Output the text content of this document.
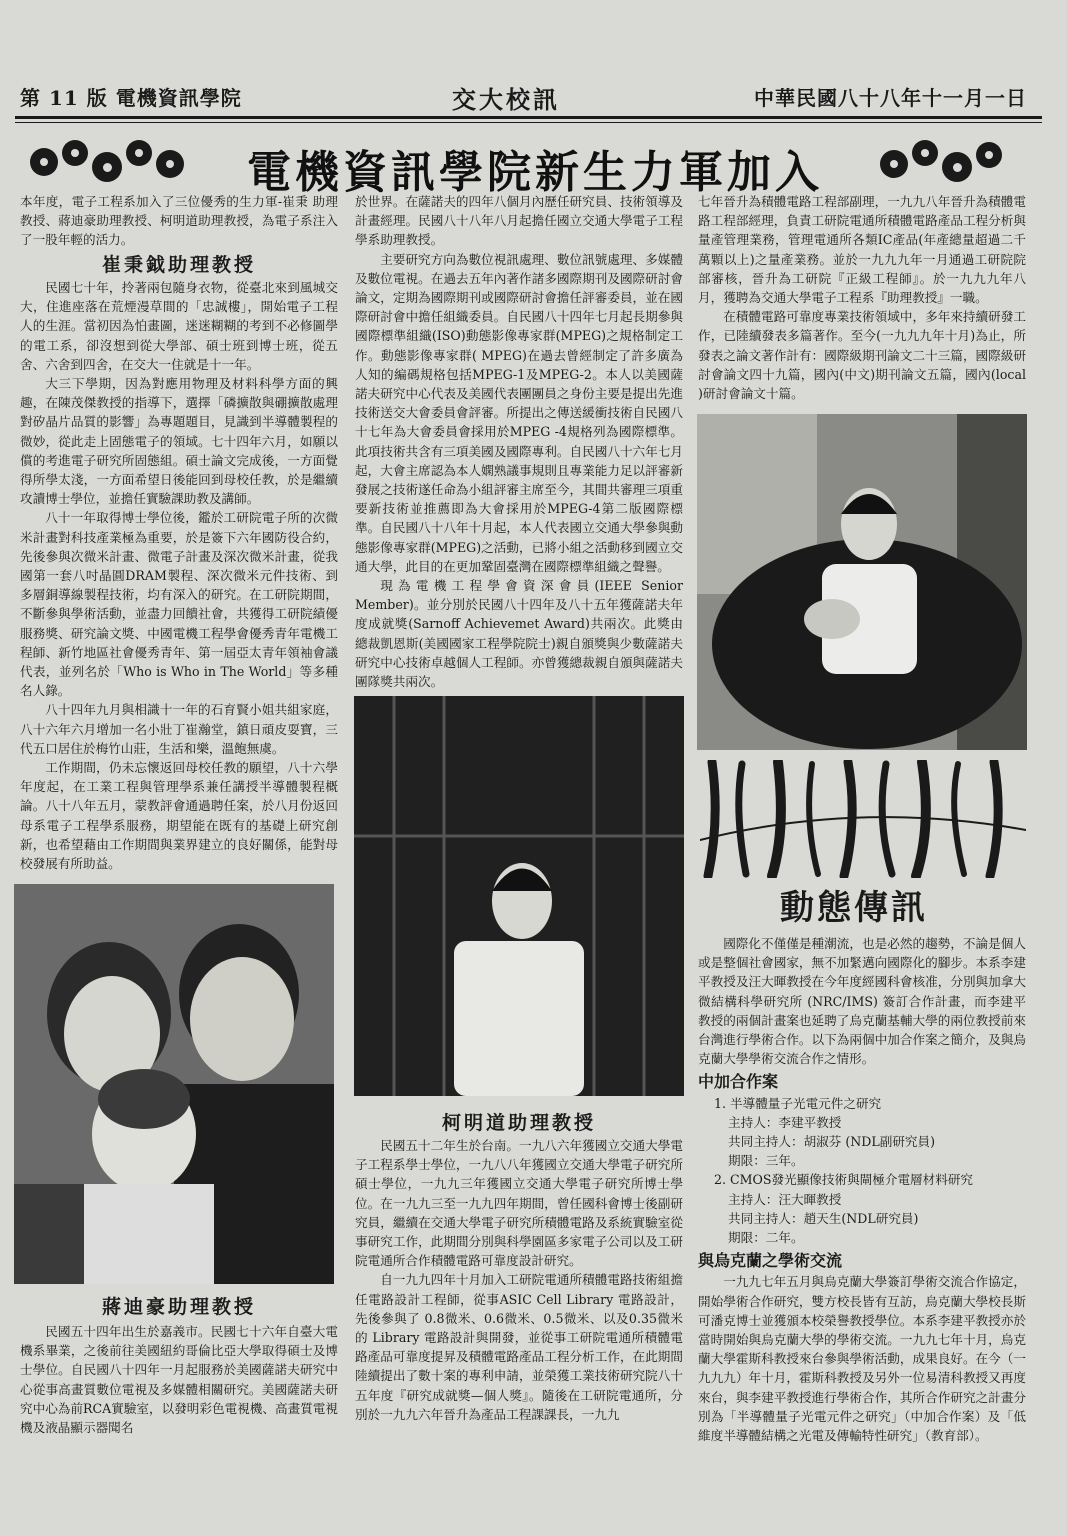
第 11 版 電機資訊學院	交大校訊	中華民國八十八年十一月一日
電機資訊學院新生力軍加入

本年度，電子工程系加入了三位優秀的生力軍-崔秉 助理教授、蔣迪豪助理教授、柯明道助理教授，為電子系注入了一股年輕的活力。

崔秉鉞助理教授

民國七十年，拎著兩包隨身衣物，從臺北來到風城交大，住進座落在荒煙漫草間的「忠誠樓」，開始電子工程人的生涯。當初因為怕畫圖，迷迷糊糊的考到不必修圖學的電工系，卻沒想到從大學部、碩士班到博士班，從五舍、六舍到四舍，在交大一住就是十一年。

大三下學期，因為對應用物理及材料科學方面的興趣，在陳茂傑教授的指導下，選擇「磷擴散與硼擴散處理對矽晶片品質的影響」為專題題目，見識到半導體製程的微妙，從此走上固態電子的領域。七十四年六月，如願以償的考進電子研究所固態組。碩士論文完成後，一方面覺得所學太淺，一方面希望日後能回到母校任教，於是繼續攻讀博士學位，並擔任實驗課助教及講師。

八十一年取得博士學位後，鑑於工研院電子所的次微米計畫對科技產業極為重要，於是簽下六年國防役合約，先後參與次微米計畫、微電子計畫及深次微米計畫，從我國第一套八吋晶圓DRAM製程、深次微米元件技術、到多層銅導線製程技術，均有深入的研究。在工研院期間，不斷參與學術活動，並盡力回饋社會，共獲得工研院績優服務獎、研究論文獎、中國電機工程學會優秀青年電機工程師、新竹地區社會優秀青年、第一屆亞太青年領袖會議代表，並列名於「Who is Who in The World」等多種名人錄。

八十四年九月與相識十一年的石育賢小姐共組家庭，八十六年六月增加一名小壯丁崔瀚堂，鎮日頑皮耍寶，三代五口居住於梅竹山莊，生活和樂，溫飽無虞。

工作期間，仍未忘懷返回母校任教的願望，八十六學年度起，在工業工程與管理學系兼任講授半導體製程概論。八十八年五月，蒙教評會通過聘任案，於八月份返回母系電子工程學系服務，期望能在既有的基礎上研究創新，也希望藉由工作期間與業界建立的良好關係，能對母校發展有所助益。

蔣迪豪助理教授

民國五十四年出生於嘉義市。民國七十六年自臺大電機系畢業，之後前往美國紐約哥倫比亞大學取得碩士及博士學位。自民國八十四年一月起服務於美國薩諾夫研究中心從事高畫質數位電視及多媒體相關研究。美國薩諾夫研究中心為前RCA實驗室，以發明彩色電視機、高畫質電視機及液晶顯示器聞名

於世界。在薩諾夫的四年八個月內歷任研究員、技術領導及計畫經理。民國八十八年八月起擔任國立交通大學電子工程學系助理教授。

主要研究方向為數位視訊處理、數位訊號處理、多媒體及數位電視。在過去五年內著作諸多國際期刊及國際研討會論文，定期為國際期刊或國際研討會擔任評審委員，並在國際研討會中擔任組織委員。自民國八十四年七月起長期參與國際標準組織(ISO)動態影像專家群(MPEG)之規格制定工作。動態影像專家群( MPEG)在過去曾經制定了許多廣為人知的編碼規格包括MPEG-1及MPEG-2。本人以美國薩諾夫研究中心代表及美國代表團團員之身份主要是提出先進技術送交大會委員會評審。所提出之傳送緩衝技術自民國八十七年為大會委員會採用於MPEG -4規格列為國際標準。此項技術共含有三項美國及國際專利。自民國八十六年七月起，大會主席認為本人嫻熟議事規則且專業能力足以評審新發展之技術遂任命為小組評審主席至今，其間共審理三項重要新技術並推薦即為大會採用於MPEG-4第二版國際標準。自民國八十八年十月起，本人代表國立交通大學參與動態影像專家群(MPEG)之活動，已將小組之活動移到國立交通大學，此目的在更加鞏固臺灣在國際標準組織之聲譽。

現為電機工程學會資深會員(IEEE Senior Member)。並分別於民國八十四年及八十五年獲薩諾夫年度成就獎(Sarnoff Achievemet Award)共兩次。此獎由總裁凱恩斯(美國國家工程學院院士)親自頒獎與少數薩諾夫研究中心技術卓越個人工程師。亦曾獲總裁親自頒與薩諾夫團隊獎共兩次。

柯明道助理教授

民國五十二年生於台南。一九八六年獲國立交通大學電子工程系學士學位，一九八八年獲國立交通大學電子研究所碩士學位，一九九三年獲國立交通大學電子研究所博士學位。在一九九三至一九九四年期間，曾任國科會博士後副研究員，繼續在交通大學電子研究所積體電路及系統實驗室從事研究工作，此期間分別與科學園區多家電子公司以及工研院電通所合作積體電路可靠度設計研究。

自一九九四年十月加入工研院電通所積體電路技術組擔任電路設計工程師，從事ASIC Cell Library 電路設計，先後參與了 0.8微米、0.6微米、0.5微米、以及0.35微米的 Library 電路設計與開發，並從事工研院電通所積體電路產品可靠度提昇及積體電路產品工程分析工作，在此期間陸續提出了數十案的專利申請，並榮獲工業技術研究院八十五年度『研究成就獎—個人獎』。隨後在工研院電通所，分別於一九九六年晉升為產品工程課課長，一九九

七年晉升為積體電路工程部副理，一九九八年晉升為積體電路工程部經理，負責工研院電通所積體電路產品工程分析與量產管理業務，管理電通所各類IC產品(年產總量超過二千萬顆以上)之量產業務。並於一九九九年一月通過工研院院部審核，晉升為工研院『正級工程師』。於一九九九年八月，獲聘為交通大學電子工程系『助理教授』一職。

在積體電路可靠度專業技術領域中，多年來持續研發工作，已陸續發表多篇著作。至今(一九九九年十月)為止，所發表之論文著作計有：國際級期刊論文二十三篇，國際級研討會論文四十九篇，國內(中文)期刊論文五篇，國內(local )研討會論文十篇。

動態傳訊

國際化不僅僅是種潮流，也是必然的趨勢，不論是個人或是整個社會國家，無不加緊邁向國際化的腳步。本系李建平教授及汪大暉教授在今年度經國科會核准，分別與加拿大微結構科學研究所 (NRC/IMS) 簽訂合作計畫，而李建平教授的兩個計畫案也延聘了烏克蘭基輔大學的兩位教授前來台灣進行學術合作。以下為兩個中加合作案之簡介，及與烏克蘭大學學術交流合作之情形。

中加合作案
1. 半導體量子光電元件之研究
主持人：李建平教授
共同主持人：胡淑芬 (NDL副研究員)
期限：三年。
2. CMOS發光顯像技術與閘極介電層材料研究
主持人：汪大暉教授
共同主持人：趙天生(NDL研究員)
期限：二年。
與烏克蘭之學術交流

一九九七年五月與烏克蘭大學簽訂學術交流合作協定，開始學術合作研究，雙方校長皆有互訪，烏克蘭大學校長斯可潘克博士並獲頒本校榮譽教授學位。本系李建平教授亦於當時開始與烏克蘭大學的學術交流。一九九七年十月，烏克蘭大學霍斯科教授來台參與學術活動，成果良好。在今（一九九九）年十月，霍斯科教授及另外一位易清科教授又再度來台，與李建平教授進行學術合作，其所合作研究之計畫分別為「半導體量子光電元件之研究」（中加合作案）及「低維度半導體結構之光電及傳輸特性研究」（教育部）。
